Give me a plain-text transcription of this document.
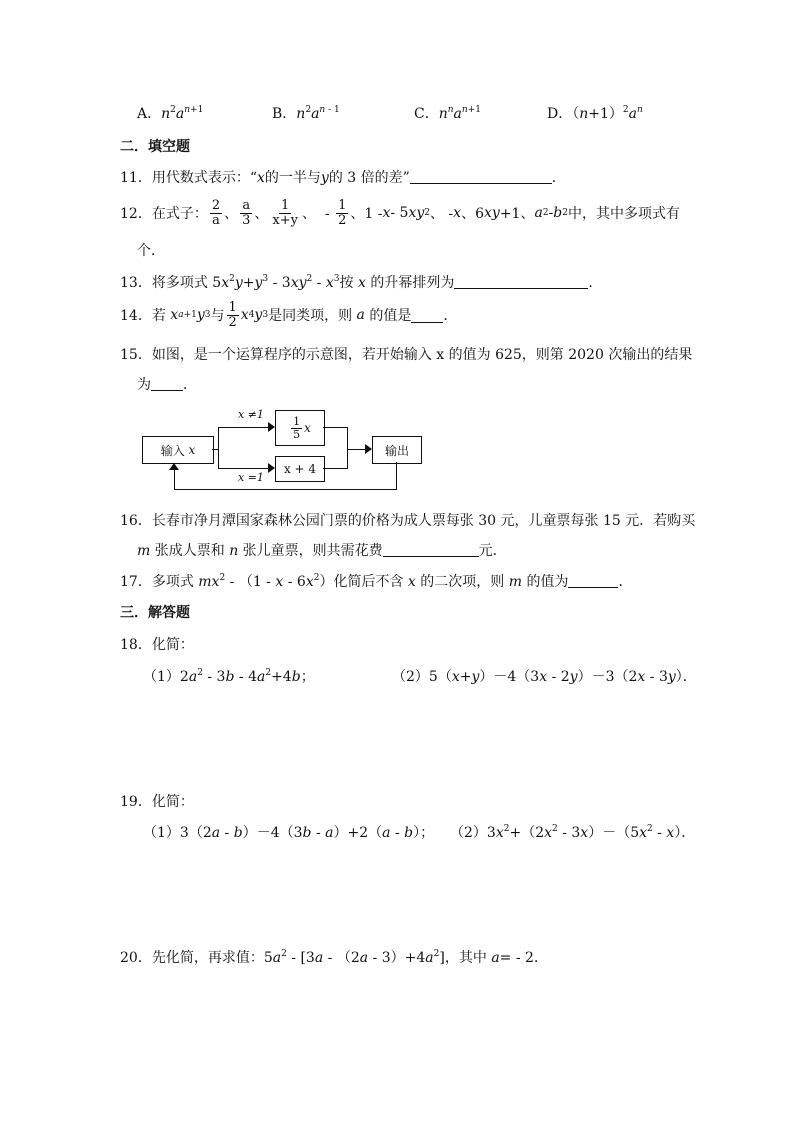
A．$n^2a^{n+1}$	B．$n^2a^{n - 1}$	C．$n^na^{n+1}$	D．$(n+1)^2a^n$
二．填空题
11．用代数式表示：“x的一半与y的 3 倍的差”	．
12． 在式子： $\frac{2}{a}$ 、 $\frac{a}{3}$ 、 $\frac{1}{x+y}$ 、  - $\frac{1}{2}$ 、1 - x - 5 xy 2 、 - x 、6 xy +1、 a 2 - b 2 中，其中多项式有
个．
13．将多项式 $5x^2y+y^3 - 3xy^2 - x^3$按 x 的升幂排列为	．
14． 若
x a+1 y 3 与 $\frac{1}{2}$ x 4 y 3 是同类项，则
a
的值是 ．
15．如图，是一个运算程序的示意图，若开始输入 x 的值为 625，则第 2020 次输出的结果
为 ．
输入
x
$\frac{1}{5}$ x
x + 4
输出
x ≠1
x =1
16．长春市净月潭国家森林公园门票的价格为成人票每张 30 元，儿童票每张 15 元．若购买
m 张成人票和 n 张儿童票，则共需花费	元．
17．多项式 $mx^2 - (1$ - x - $6x^2$）化简后不含 x 的二次项，则 m 的值为	．
三．解答题
18．化简：
$(1)2a^2 - 3b - 4a^2+4b$；	（2）5（x+y）－4（3x - 2y）－3（2x - 3y）．
19．化简：
（1）3（2a - b）－4（3b - a）+2（a - b）； $(2)3x^2+(2x^2 - 3x)-(5x^2 - x)$．
20．先化简，再求值：$5a^2 - [3a - (2a - 3)+4a^2]$，其中 a= - 2．
